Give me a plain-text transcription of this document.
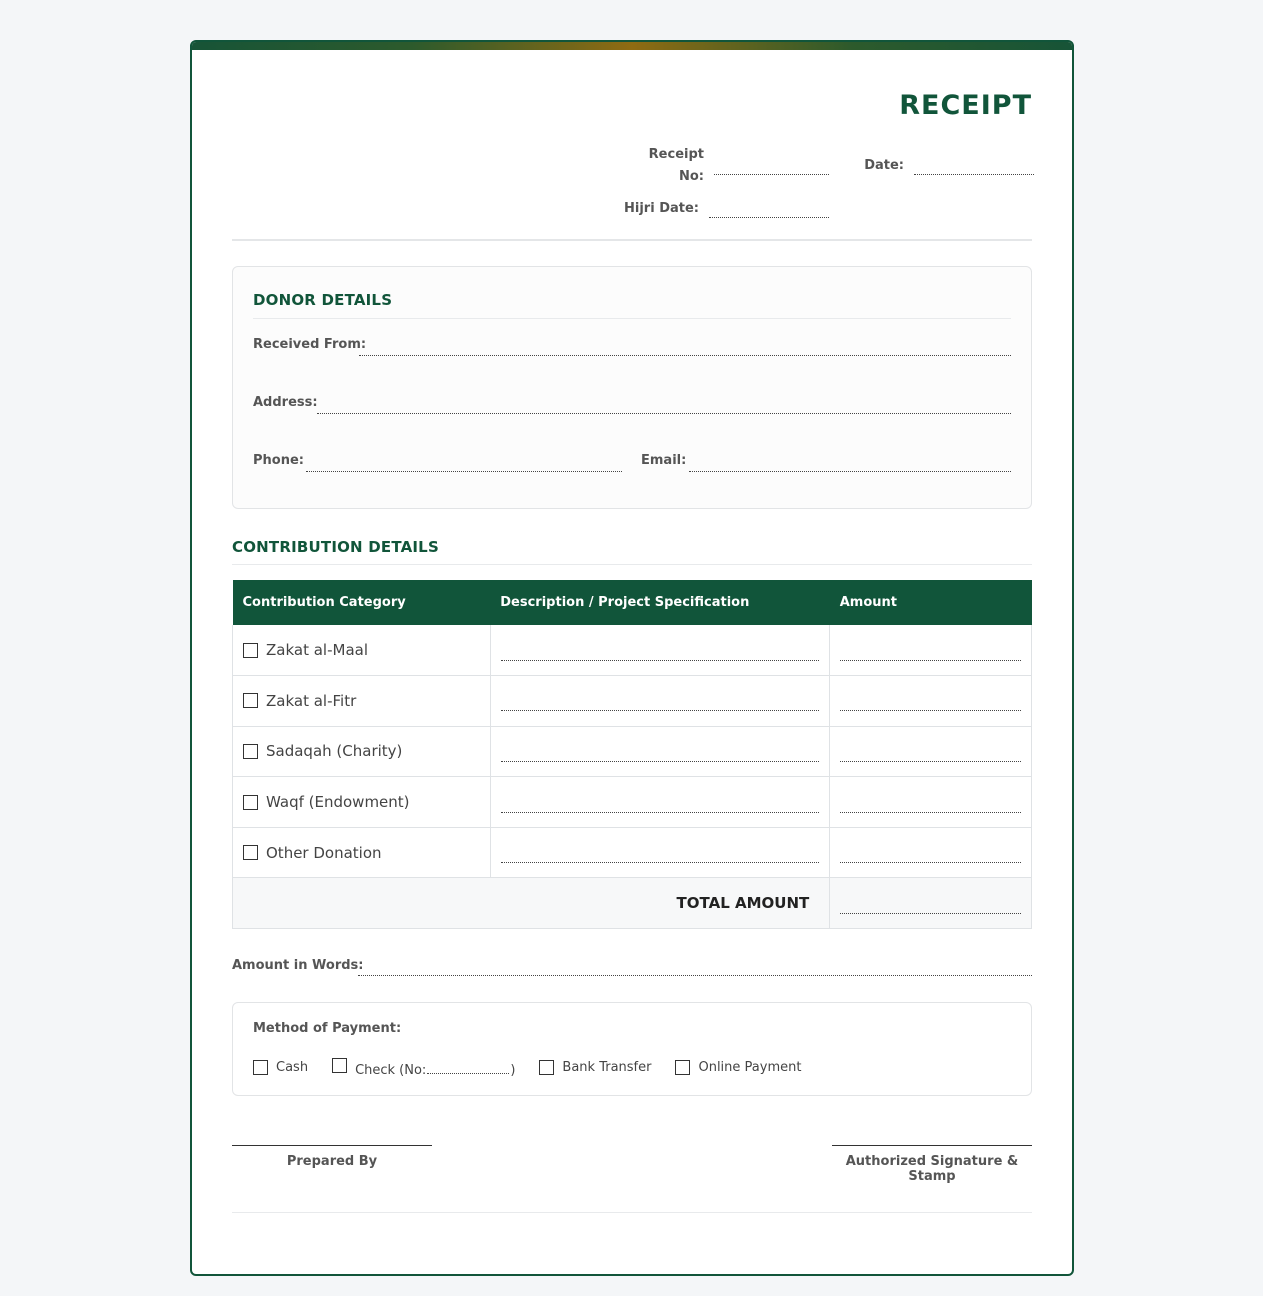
RECEIPT
Receipt No:
Date:
Hijri Date:
DONOR DETAILS
Received From:
Address:
Phone:	Email:
CONTRIBUTION DETAILS
Contribution Category	Description / Project Specification	Amount

Zakat al-Maal		

Zakat al-Fitr		

Sadaqah (Charity)		

Waqf (Endowment)		

Other Donation		

TOTAL AMOUNT		
Amount in Words:
Method of Payment:
Cash	Check (No:	)	Bank Transfer	Online Payment
Prepared By	Authorized Signature & Stamp
